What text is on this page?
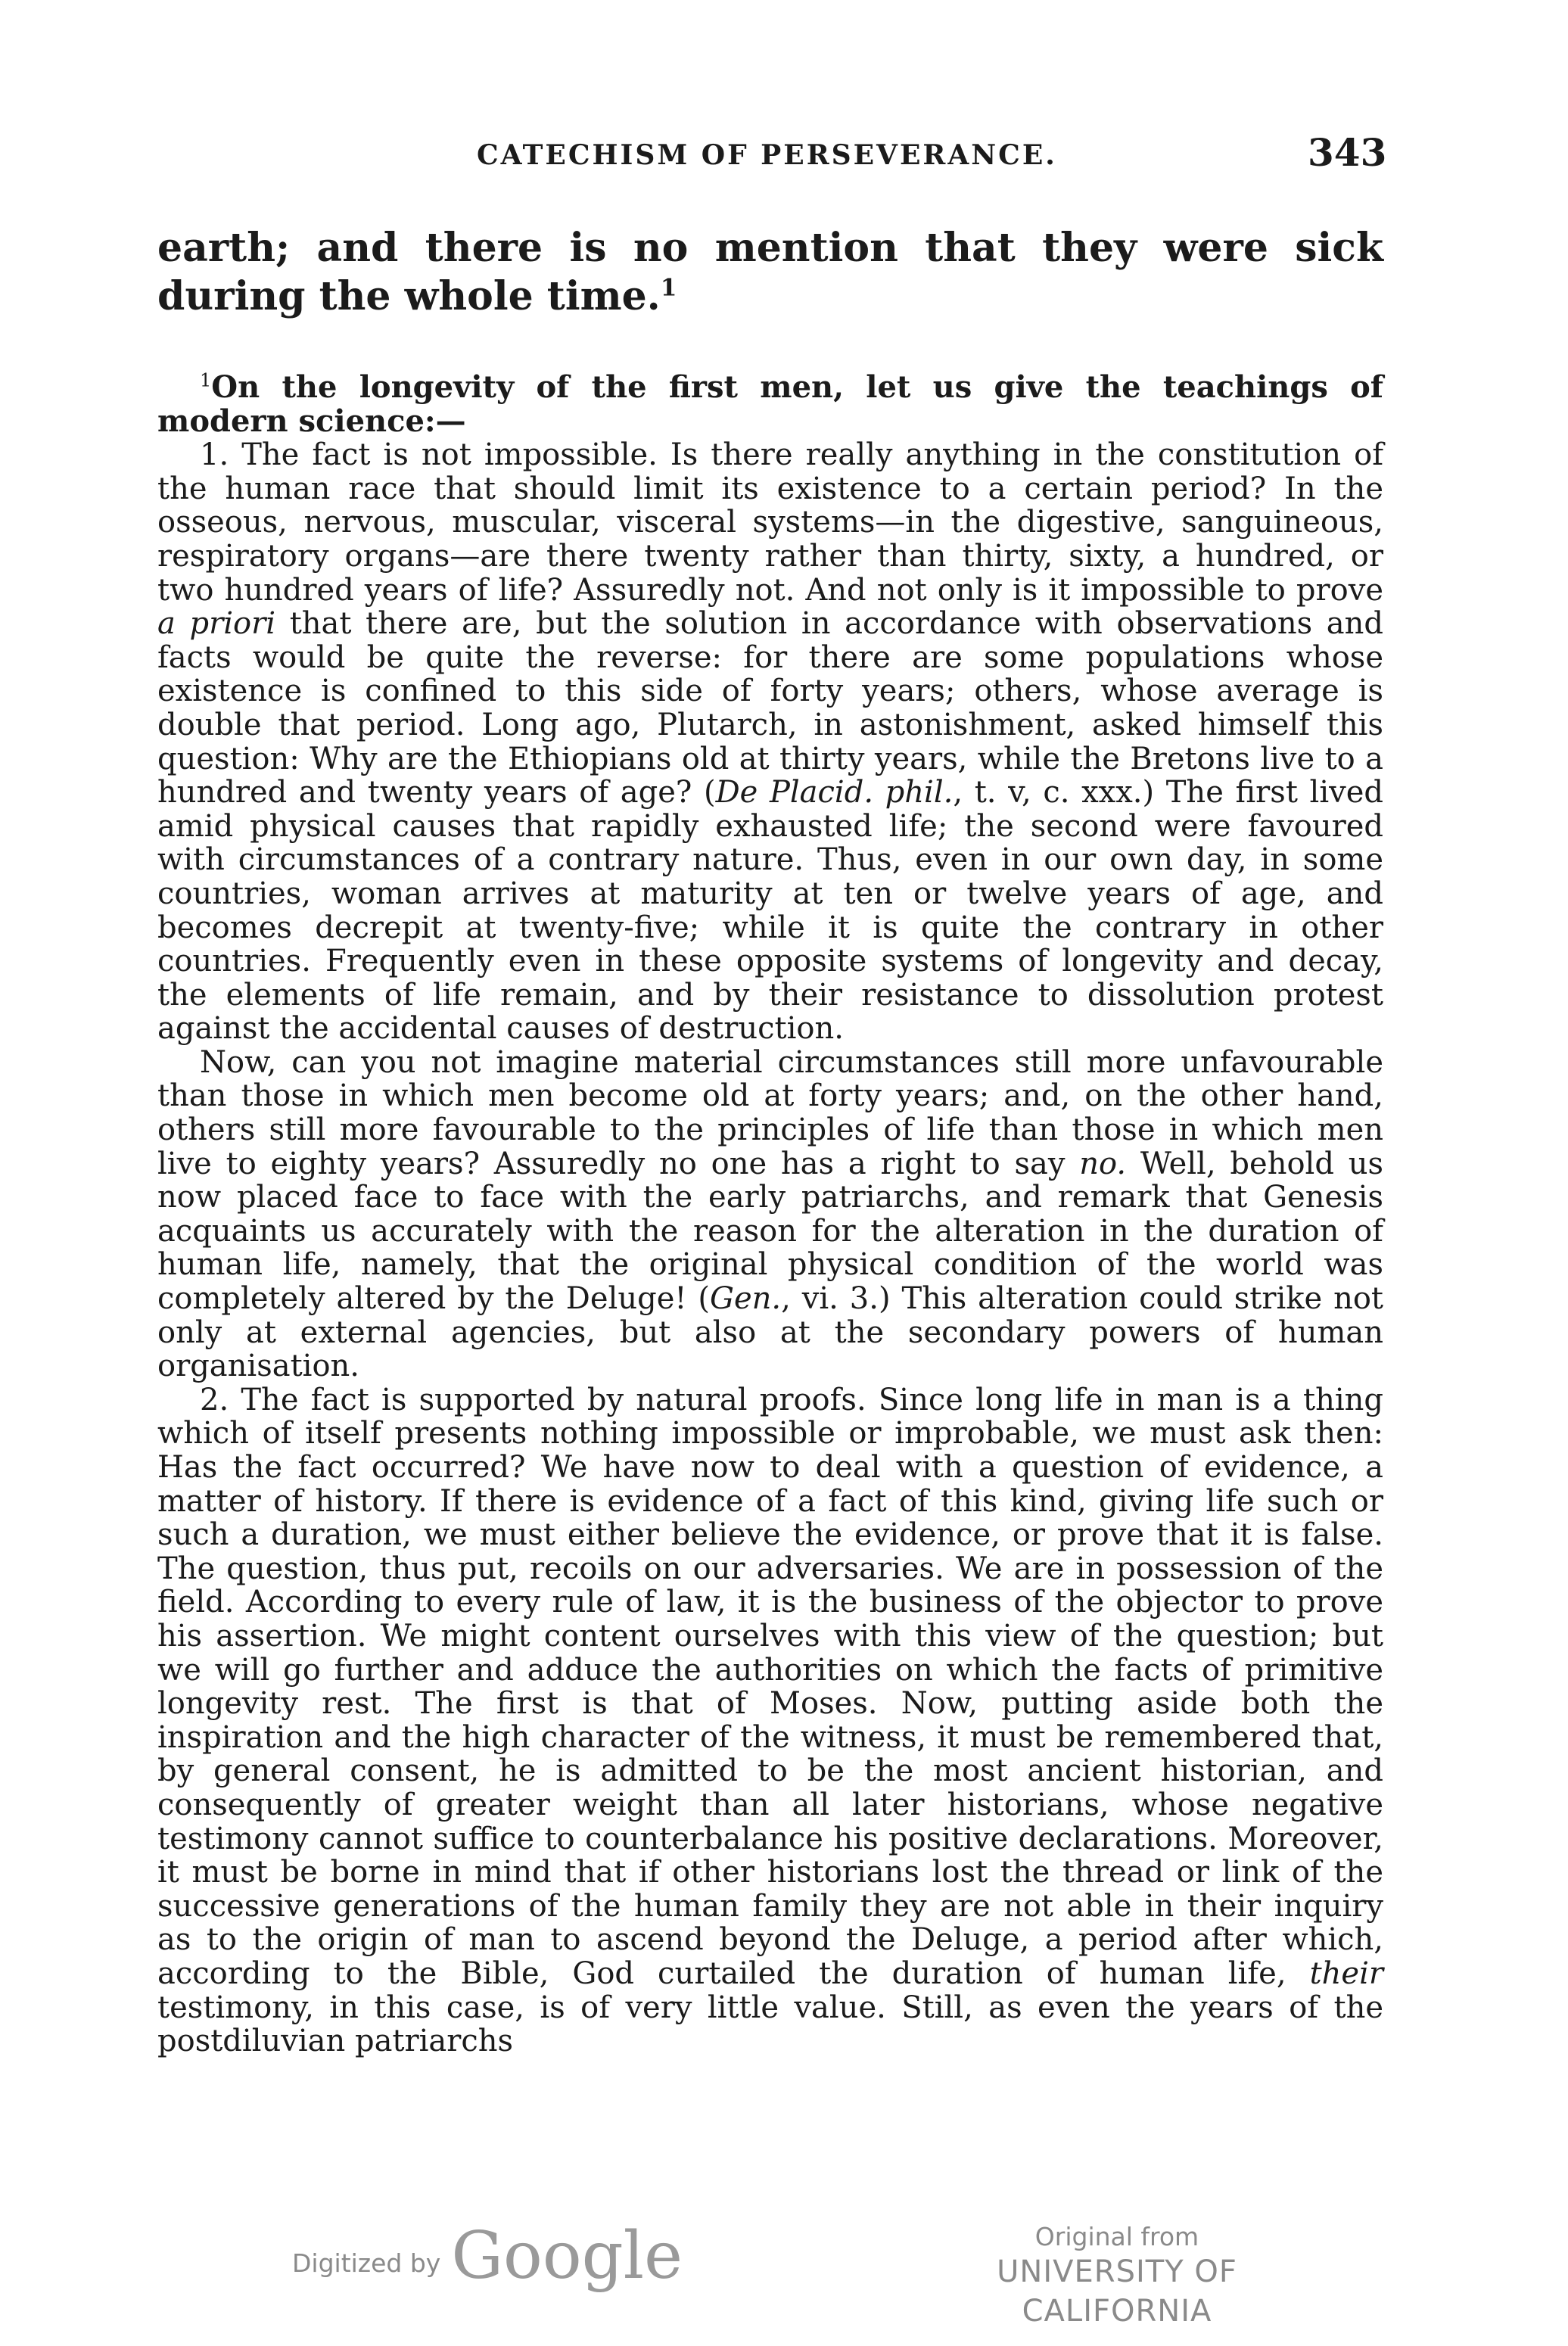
CATECHISM OF PERSEVERANCE.	343

earth; and there is no mention that they were sick during the whole time.$^1$

$^1$On the longevity of the first men, let us give the teachings of modern science:—

1. The fact is not impossible. Is there really anything in the constitution of the human race that should limit its existence to a certain period? In the osseous, nervous, muscular, visceral systems—in the digestive, sanguineous, respiratory organs—are there twenty rather than thirty, sixty, a hundred, or two hundred years of life? Assuredly not. And not only is it impossible to prove a priori that there are, but the solution in accordance with observations and facts would be quite the reverse: for there are some populations whose existence is confined to this side of forty years; others, whose average is double that period. Long ago, Plutarch, in astonishment, asked himself this question: Why are the Ethiopians old at thirty years, while the Bretons live to a hundred and twenty years of age? (De Placid. phil., t. v, c. xxx.) The first lived amid physical causes that rapidly exhausted life; the second were favoured with circumstances of a contrary nature. Thus, even in our own day, in some countries, woman arrives at maturity at ten or twelve years of age, and becomes decrepit at twenty-five; while it is quite the contrary in other countries. Frequently even in these opposite systems of longevity and decay, the elements of life remain, and by their resistance to dissolution protest against the accidental causes of destruction.

Now, can you not imagine material circumstances still more unfavourable than those in which men become old at forty years; and, on the other hand, others still more favourable to the principles of life than those in which men live to eighty years? Assuredly no one has a right to say no. Well, behold us now placed face to face with the early patriarchs, and remark that Genesis acquaints us accurately with the reason for the alteration in the duration of human life, namely, that the original physical condition of the world was completely altered by the Deluge! (Gen., vi. 3.) This alteration could strike not only at external agencies, but also at the secondary powers of human organisation.

2. The fact is supported by natural proofs. Since long life in man is a thing which of itself presents nothing impossible or improbable, we must ask then: Has the fact occurred? We have now to deal with a question of evidence, a matter of history. If there is evidence of a fact of this kind, giving life such or such a duration, we must either believe the evidence, or prove that it is false. The question, thus put, recoils on our adversaries. We are in possession of the field. According to every rule of law, it is the business of the objector to prove his assertion. We might content ourselves with this view of the question; but we will go further and adduce the authorities on which the facts of primitive longevity rest. The first is that of Moses. Now, putting aside both the inspiration and the high character of the witness, it must be remembered that, by general consent, he is admitted to be the most ancient historian, and consequently of greater weight than all later historians, whose negative testimony cannot suffice to counterbalance his positive declarations. Moreover, it must be borne in mind that if other historians lost the thread or link of the successive generations of the human family they are not able in their inquiry as to the origin of man to ascend beyond the Deluge, a period after which, according to the Bible, God curtailed the duration of human life, their testimony, in this case, is of very little value. Still, as even the years of the postdiluvian patriarchs

Digitized by Google	Original from
UNIVERSITY OF CALIFORNIA
